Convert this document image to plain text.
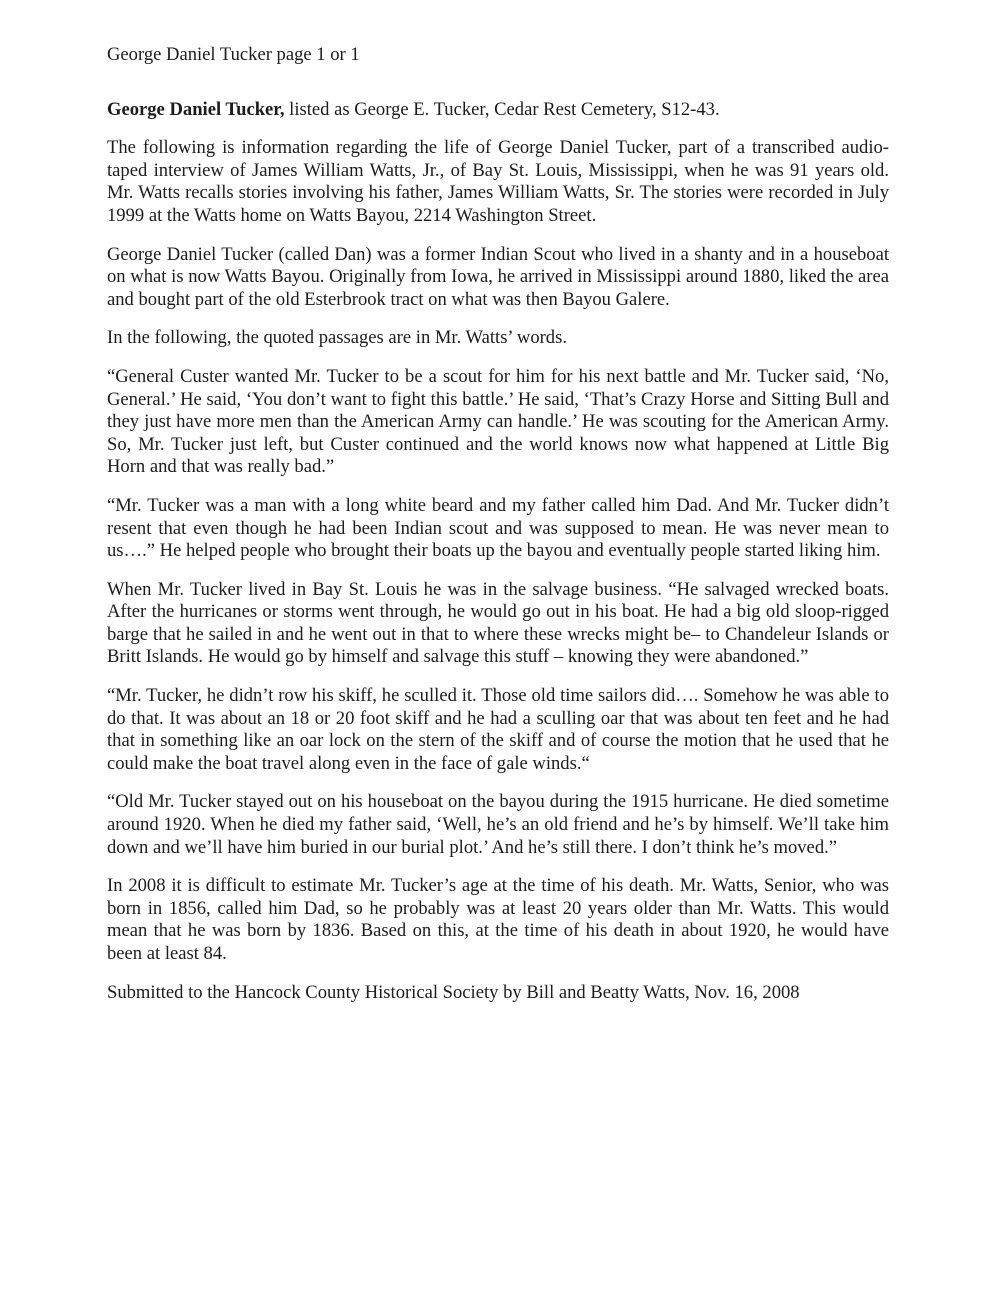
George Daniel Tucker page 1 or 1
George Daniel Tucker, listed as George E. Tucker, Cedar Rest Cemetery, S12-43.
The following is information regarding the life of George Daniel Tucker, part of a transcribed audio-taped interview of James William Watts, Jr., of Bay St. Louis, Mississippi, when he was 91 years old. Mr. Watts recalls stories involving his father, James William Watts, Sr. The stories were recorded in July 1999 at the Watts home on Watts Bayou, 2214 Washington Street.
George Daniel Tucker (called Dan) was a former Indian Scout who lived in a shanty and in a houseboat on what is now Watts Bayou. Originally from Iowa, he arrived in Mississippi around 1880, liked the area and bought part of the old Esterbrook tract on what was then Bayou Galere.
In the following, the quoted passages are in Mr. Watts’ words.
“General Custer wanted Mr. Tucker to be a scout for him for his next battle and Mr. Tucker said, ‘No, General.’ He said, ‘You don’t want to fight this battle.’ He said, ‘That’s Crazy Horse and Sitting Bull and they just have more men than the American Army can handle.’ He was scouting for the American Army. So, Mr. Tucker just left, but Custer continued and the world knows now what happened at Little Big Horn and that was really bad.”
“Mr. Tucker was a man with a long white beard and my father called him Dad. And Mr. Tucker didn’t resent that even though he had been Indian scout and was supposed to mean. He was never mean to us….” He helped people who brought their boats up the bayou and eventually people started liking him.
When Mr. Tucker lived in Bay St. Louis he was in the salvage business. “He salvaged wrecked boats. After the hurricanes or storms went through, he would go out in his boat. He had a big old sloop-rigged barge that he sailed in and he went out in that to where these wrecks might be– to Chandeleur Islands or Britt Islands. He would go by himself and salvage this stuff – knowing they were abandoned.”
“Mr. Tucker, he didn’t row his skiff, he sculled it. Those old time sailors did…. Somehow he was able to do that. It was about an 18 or 20 foot skiff and he had a sculling oar that was about ten feet and he had that in something like an oar lock on the stern of the skiff and of course the motion that he used that he could make the boat travel along even in the face of gale winds.“
“Old Mr. Tucker stayed out on his houseboat on the bayou during the 1915 hurricane. He died sometime around 1920. When he died my father said, ‘Well, he’s an old friend and he’s by himself. We’ll take him down and we’ll have him buried in our burial plot.’ And he’s still there. I don’t think he’s moved.”
In 2008 it is difficult to estimate Mr. Tucker’s age at the time of his death. Mr. Watts, Senior, who was born in 1856, called him Dad, so he probably was at least 20 years older than Mr. Watts. This would mean that he was born by 1836. Based on this, at the time of his death in about 1920, he would have been at least 84.
Submitted to the Hancock County Historical Society by Bill and Beatty Watts, Nov. 16, 2008
